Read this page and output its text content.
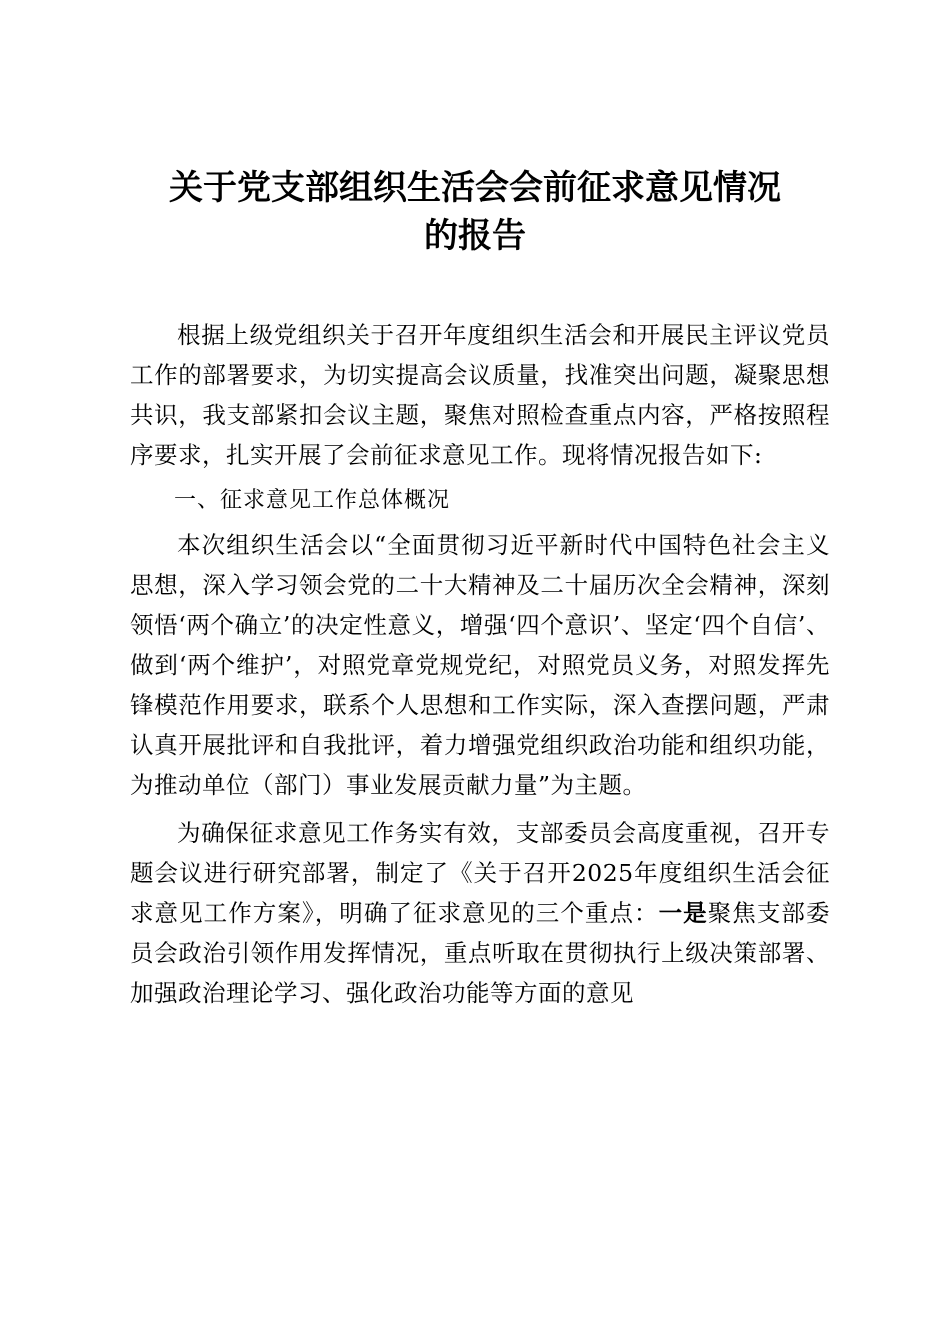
关于党支部组织生活会会前征求意见情况
的报告

根据上级党组织关于召开年度组织生活会和开展民主评议党员工作的部署要求，为切实提高会议质量，找准突出问题，凝聚思想共识，我支部紧扣会议主题，聚焦对照检查重点内容，严格按照程序要求，扎实开展了会前征求意见工作。现将情况报告如下:

一、征求意见工作总体概况

本次组织生活会以“全面贯彻习近平新时代中国特色社会主义思想，深入学习领会党的二十大精神及二十届历次全会精神，深刻领悟‘两个确立’的决定性意义，增强‘四个意识’、坚定‘四个自信’、做到‘两个维护’，对照党章党规党纪，对照党员义务，对照发挥先锋模范作用要求，联系个人思想和工作实际，深入查摆问题，严肃认真开展批评和自我批评，着力增强党组织政治功能和组织功能，为推动单位（部门）事业发展贡献力量”为主题。

为确保征求意见工作务实有效，支部委员会高度重视，召开专题会议进行研究部署，制定了《关于召开2025年度组织生活会征求意见工作方案》，明确了征求意见的三个重点：一是聚焦支部委员会政治引领作用发挥情况，重点听取在贯彻执行上级决策部署、加强政治理论学习、强化政治功能等方面的意见
